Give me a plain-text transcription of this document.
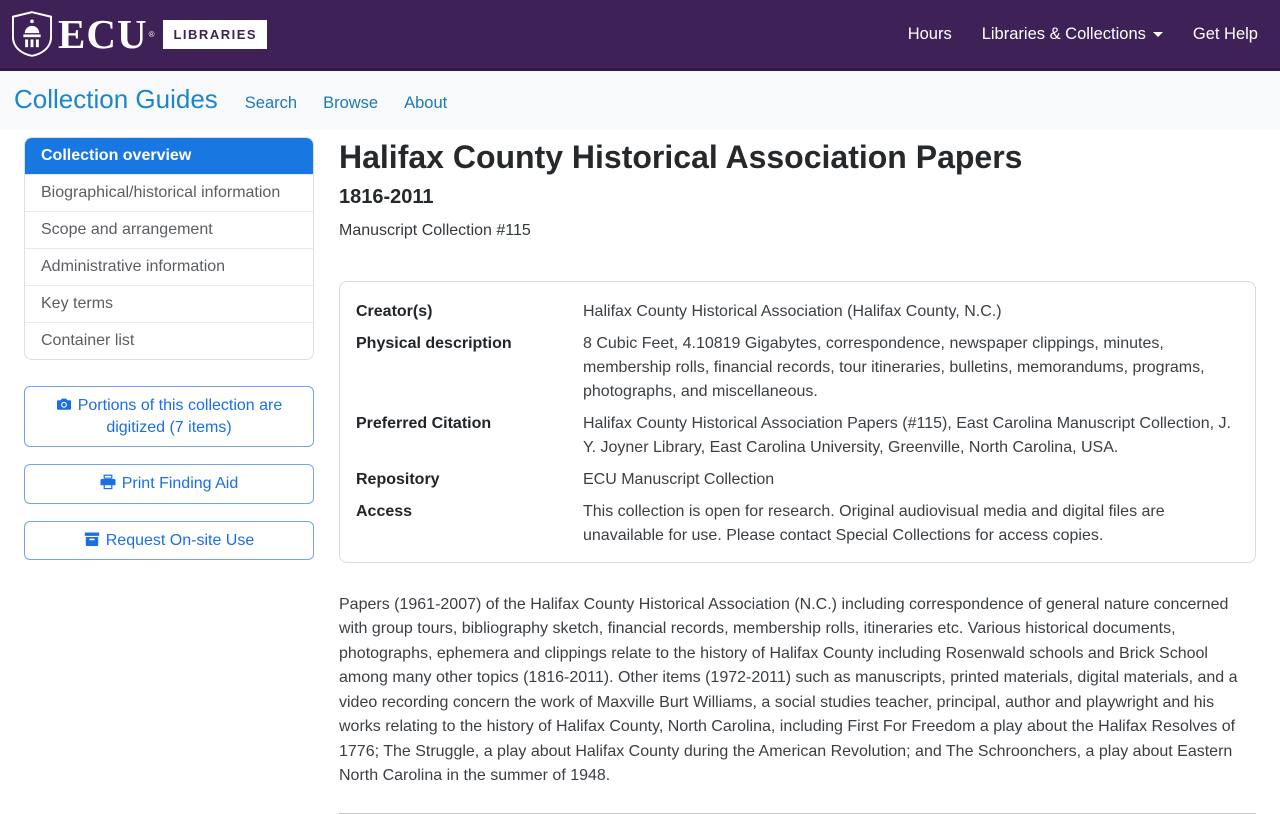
ECU ®	LIBRARIES	Hours Libraries & Collections	Get Help
Collection Guides Search Browse About
Collection overview
Biographical/historical information
Scope and arrangement
Administrative information
Key terms
Container list
Portions of this collection are digitized (7 items)
Print Finding Aid
Request On-site Use
Halifax County Historical Association Papers
1816-2011
Manuscript Collection #115
Creator(s)	Halifax County Historical Association (Halifax County, N.C.)
Physical description	8 Cubic Feet, 4.10819 Gigabytes, correspondence, newspaper clippings, minutes, membership rolls, financial records, tour itineraries, bulletins, memorandums, programs, photographs, and miscellaneous.
Preferred Citation	Halifax County Historical Association Papers (#115), East Carolina Manuscript Collection, J. Y. Joyner Library, East Carolina University, Greenville, North Carolina, USA.
Repository	ECU Manuscript Collection
Access	This collection is open for research. Original audiovisual media and digital files are unavailable for use. Please contact Special Collections for access copies.

Papers (1961-2007) of the Halifax County Historical Association (N.C.) including correspondence of general nature concerned with group tours, bibliography sketch, financial records, membership rolls, itineraries etc. Various historical documents, photographs, ephemera and clippings relate to the history of Halifax County including Rosenwald schools and Brick School among many other topics (1816-2011). Other items (1972-2011) such as manuscripts, printed materials, digital materials, and a video recording concern the work of Maxville Burt Williams, a social studies teacher, principal, author and playwright and his works relating to the history of Halifax County, North Carolina, including First For Freedom a play about the Halifax Resolves of 1776; The Struggle, a play about Halifax County during the American Revolution; and The Schroonchers, a play about Eastern North Carolina in the summer of 1948.
